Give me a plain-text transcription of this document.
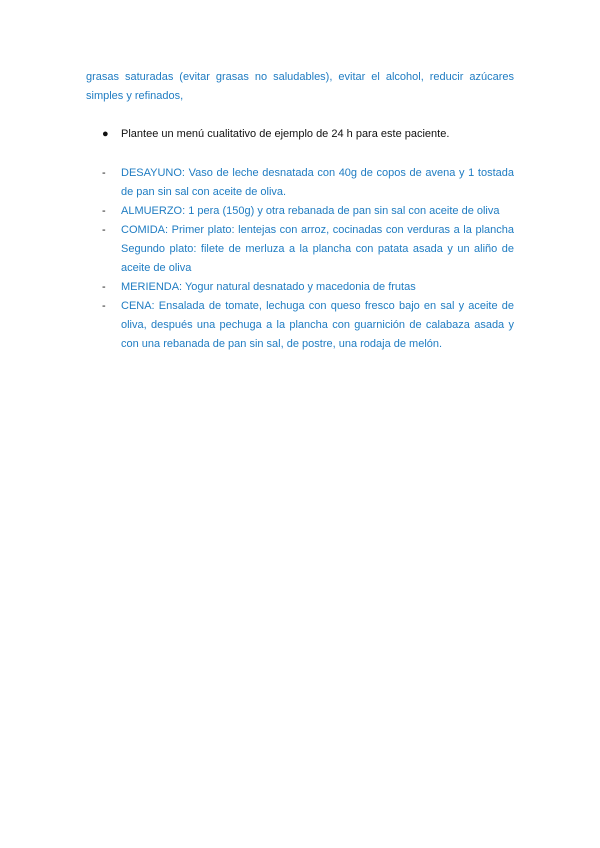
grasas saturadas (evitar grasas no saludables), evitar el alcohol, reducir azúcares simples y refinados,

●	Plantee un menú cualitativo de ejemplo de 24 h para este paciente.
-	DESAYUNO: Vaso de leche desnatada con 40g de copos de avena y 1 tostada de pan sin sal con aceite de oliva.
-	ALMUERZO: 1 pera (150g) y otra rebanada de pan sin sal con aceite de oliva
-	COMIDA: Primer plato: lentejas con arroz, cocinadas con verduras a la plancha Segundo plato: filete de merluza a la plancha con patata asada y un aliño de aceite de oliva
-	MERIENDA: Yogur natural desnatado y macedonia de frutas
-	CENA: Ensalada de tomate, lechuga con queso fresco bajo en sal y aceite de oliva, después una pechuga a la plancha con guarnición de calabaza asada y con una rebanada de pan sin sal, de postre, una rodaja de melón.
